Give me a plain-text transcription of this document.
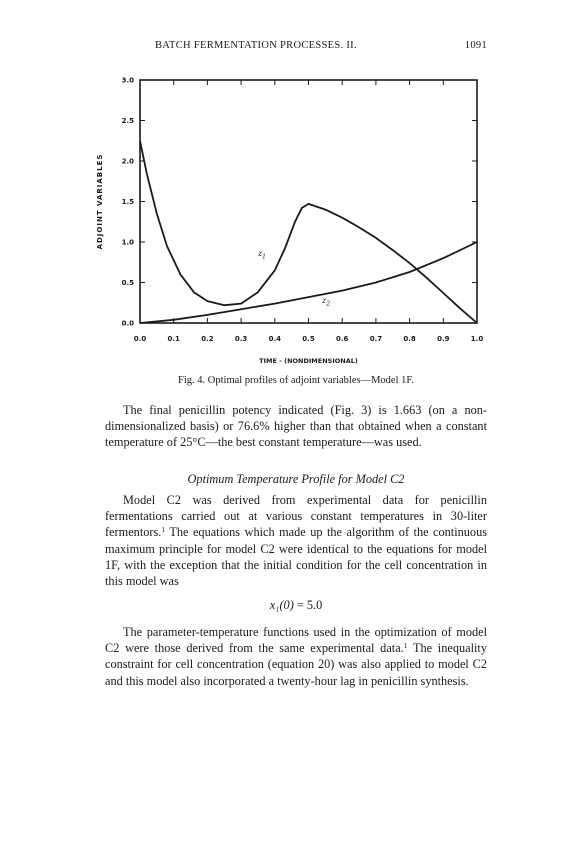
BATCH FERMENTATION PROCESSES. II.	1091
0.0	0.1	0.2	0.3	0.4	0.5	0.6	0.7	0.8	0.9	1.0
0.0
0.5
1.0
1.5
2.0
2.5
3.0
TIME - (NONDIMENSIONAL)
ADJOINT VARIABLES
$z_1$
$z_2$
Fig. 4. Optimal profiles of adjoint variables—Model 1F.

The final penicillin potency indicated (Fig. 3) is 1.663 (on a non-dimensionalized basis) or 76.6% higher than that obtained when a constant temperature of 25°C—the best constant temperature—was used.

Optimum Temperature Profile for Model C2

Model C2 was derived from experimental data for penicillin fermentations carried out at various constant temperatures in 30-liter fermentors.$^1$ The equations which made up the algorithm of the continuous maximum principle for model C2 were identical to the equations for model 1F, with the exception that the initial condition for the cell concentration in this model was

x₁(0) = 5.0

The parameter-temperature functions used in the optimization of model C2 were those derived from the same experimental data.$^1$ The inequality constraint for cell concentration (equation 20) was also applied to model C2 and this model also incorporated a twenty-hour lag in penicillin synthesis.
